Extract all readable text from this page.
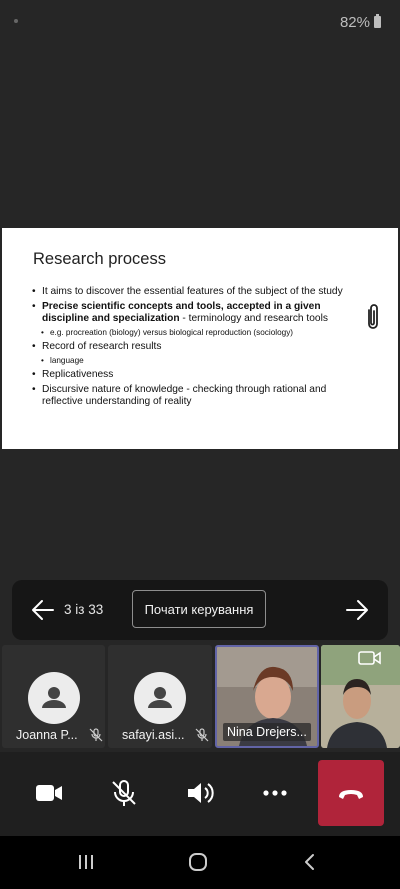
82%
Research process
• It aims to discover the essential features of the subject of the study
• Precise scientific concepts and tools, accepted in a given discipline and specialization - terminology and research tools
• e.g. procreation (biology) versus biological reproduction (sociology)
• Record of research results
• language
• Replicativeness
• Discursive nature of knowledge - checking through rational and reflective understanding of reality
3 із 33	Почати керування
Joanna P...	safayi.asi...	Nina Drejers...
